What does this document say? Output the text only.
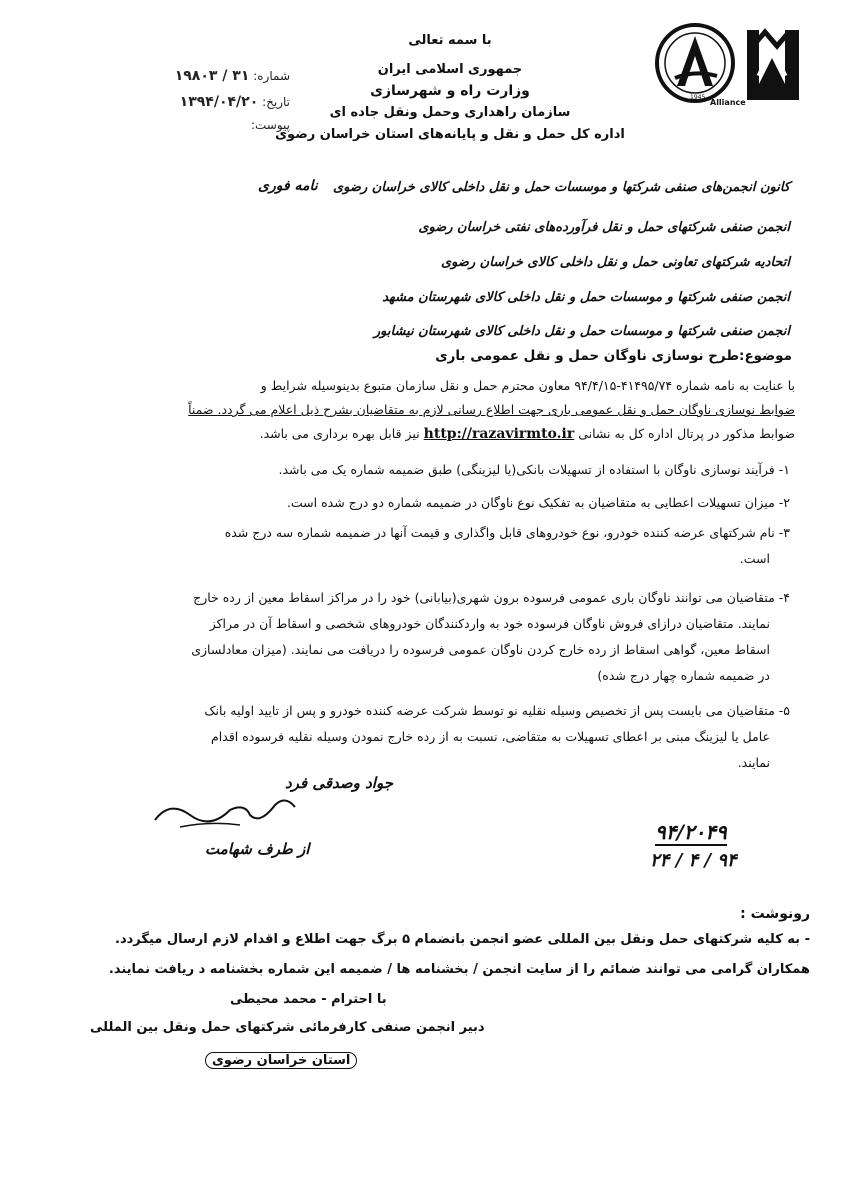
1945
Alliance
با سمه تعالی
جمهوری اسلامی ایران
وزارت راه و شهرسازی
سازمان راهداری وحمل ونقل جاده ای
اداره کل حمل و نقل و پایانه‌های استان خراسان رضوی
شماره: ۳۱ / ۱۹۸۰۳
تاریخ: ۱۳۹۴/۰۴/۲۰
پیوست:
کانون انجمن‌های صنفی شرکتها و موسسات حمل و نقل داخلی کالای خراسان رضوی
نامه فوری
انجمن صنفی شرکتهای حمل و نقل فرآورده‌های نفتی خراسان رضوی
اتحادیه شرکتهای تعاونی حمل و نقل داخلی کالای خراسان رضوی
انجمن صنفی شرکتها و موسسات حمل و نقل داخلی کالای شهرستان مشهد
انجمن صنفی شرکتها و موسسات حمل و نقل داخلی کالای شهرستان نیشابور
موضوع:طرح نوسازی ناوگان حمل و نقل عمومی باری
با عنایت به نامه شماره ۴۱۴۹۵/۷۴-۹۴/۴/۱۵ معاون محترم حمل و نقل سازمان متبوع بدینوسیله شرایط و
ضوابط نوسازی ناوگان حمل و نقل عمومی باری جهت اطلاع رسانی لازم به متقاضیان بشرح ذیل اعلام می گردد. ضمناً
ضوابط مذکور در پرتال اداره کل به نشانی http://razavirmto.ir نیز قابل بهره برداری می باشد.
۱- فرآیند نوسازی ناوگان با استفاده از تسهیلات بانکی(یا لیزینگی) طبق ضمیمه شماره یک می باشد.
۲- میزان تسهیلات اعطایی به متقاضیان به تفکیک نوع ناوگان در ضمیمه شماره دو درج شده است.
۳- نام شرکتهای عرضه کننده خودرو، نوع خودروهای قابل واگذاری و قیمت آنها در ضمیمه شماره سه درج شده
است.
۴- متقاضیان می توانند ناوگان باری عمومی فرسوده برون شهری(بیابانی) خود را در مراکز اسقاط معین از رده خارج
نمایند. متقاضیان درازای فروش ناوگان فرسوده خود به واردکنندگان خودروهای شخصی و اسقاط آن در مراکز
اسقاط معین، گواهی اسقاط از رده خارج کردن ناوگان عمومی فرسوده را دریافت می نمایند. (میزان معادلسازی
در ضمیمه شماره چهار درج شده)
۵- متقاضیان می بایست پس از تخصیص وسیله نقلیه نو توسط شرکت عرضه کننده خودرو و پس از تایید اولیه بانک
عامل یا لیزینگ مبنی بر اعطای تسهیلات به متقاضی، نسبت به از رده خارج نمودن وسیله نقلیه فرسوده اقدام
نمایند.
جواد وصدقی فرد
از طرف شهامت
۹۴/۲۰۴۹
۲۴ / ۴ / ۹۴
رونوشت :
- به کلیه شرکتهای حمل ونقل بین المللی عضو انجمن بانضمام ۵ برگ جهت اطلاع و اقدام لازم ارسال میگردد.
همکاران گرامی می توانند ضمائم را از سایت انجمن / بخشنامه ها / ضمیمه این شماره بخشنامه د ریافت نمایند.
با احترام - محمد محیطی
دبیر انجمن صنفی کارفرمائی شرکتهای حمل ونقل بین المللی
استان خراسان رضوی
